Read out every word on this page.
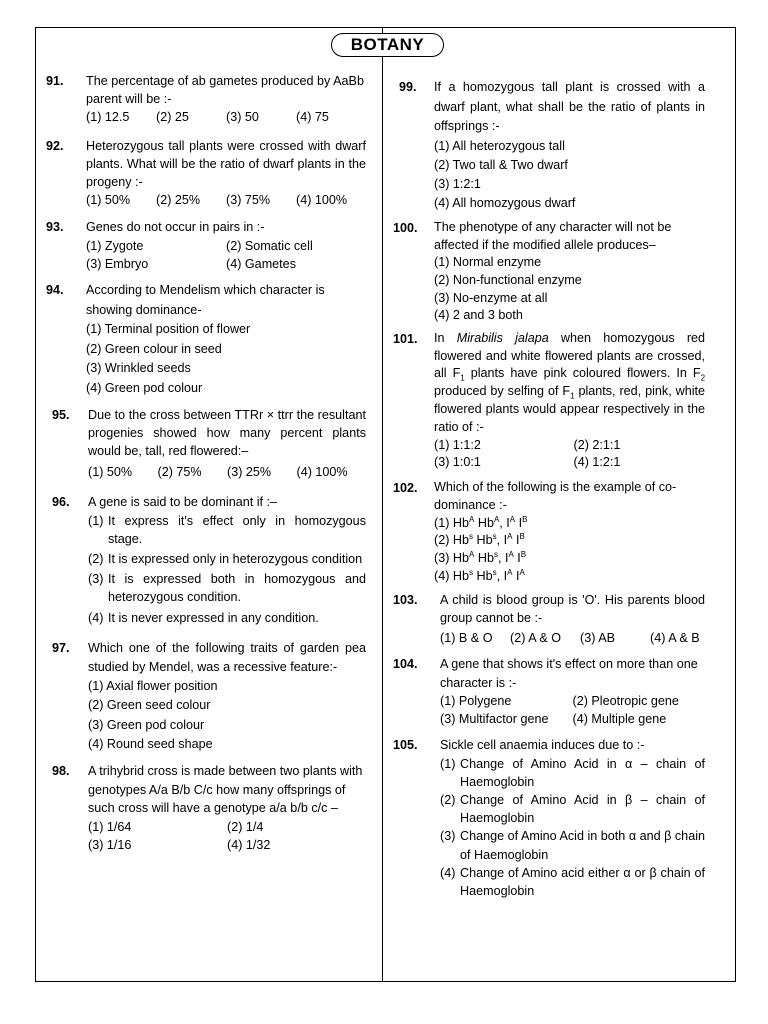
BOTANY
91.	The percentage of ab gametes produced by AaBb parent will be :-
(1) 12.5	(2) 25	(3) 50	(4) 75
92.	Heterozygous tall plants were crossed with dwarf plants. What will be the ratio of dwarf plants in the progeny :-
(1) 50%	(2) 25%	(3) 75%	(4) 100%
93.	Genes do not occur in pairs in :-
(1) Zygote	(2) Somatic cell
(3) Embryo	(4) Gametes
94.	According to Mendelism which character is showing dominance-
(1) Terminal position of flower
(2) Green colour in seed
(3) Wrinkled seeds
(4) Green pod colour
95.	Due to the cross between TTRr × ttrr the resultant progenies showed how many percent plants would be, tall, red flowered:–
(1) 50%	(2) 75%	(3) 25%	(4) 100%
96.	A gene is said to be dominant if :–
(1) It express it's effect only in homozygous stage.
(2) It is expressed only in heterozygous condition
(3) It is expressed both in homozygous and heterozygous condition.
(4) It is never expressed in any condition.
97.	Which one of the following traits of garden pea studied by Mendel, was a recessive feature:-
(1) Axial flower position
(2) Green seed colour
(3) Green pod colour
(4) Round seed shape
98.	A trihybrid cross is made between two plants with genotypes A/a B/b C/c how many offsprings of such cross will have a genotype a/a b/b c/c –
(1) 1/64	(2) 1/4
(3) 1/16	(4) 1/32
99.	If a homozygous tall plant is crossed with a dwarf plant, what shall be the ratio of plants in offsprings :-
(1) All heterozygous tall
(2) Two tall & Two dwarf
(3) 1:2:1
(4) All homozygous dwarf
100.	The phenotype of any character will not be affected if the modified allele produces–
(1) Normal enzyme
(2) Non-functional enzyme
(3) No-enzyme at all
(4) 2 and 3 both
101.	In Mirabilis jalapa when homozygous red flowered and white flowered plants are crossed, all $F_1$ plants have pink coloured flowers. In $F_2$ produced by selfing of $F_1$ plants, red, pink, white flowered plants would appear respectively in the ratio of :-
(1) 1:1:2	(2) 2:1:1
(3) 1:0:1	(4) 1:2:1
102.	Which of the following is the example of co-dominance :-
(1) $Hb^A$ $Hb^A$, $I^A$ $I^B$
(2) Hb$^s$ Hb$^s$, $I^A$ $I^B$
(3) $Hb^A$ Hb$^s$, $I^A$ $I^B$
(4) Hb$^s$ Hb$^s$, $I^A$ $I^A$
103.	A child is blood group is 'O'. His parents blood group cannot be :-
(1) B & O	(2) A & O	(3) AB	(4) A & B
104.	A gene that shows it's effect on more than one character is :-
(1) Polygene	(2) Pleotropic gene
(3) Multifactor gene	(4) Multiple gene
105.	Sickle cell anaemia induces due to :-
(1) Change of Amino Acid in α – chain of Haemoglobin
(2) Change of Amino Acid in β – chain of Haemoglobin
(3) Change of Amino Acid in both α and β chain of Haemoglobin
(4) Change of Amino acid either α or β chain of Haemoglobin
